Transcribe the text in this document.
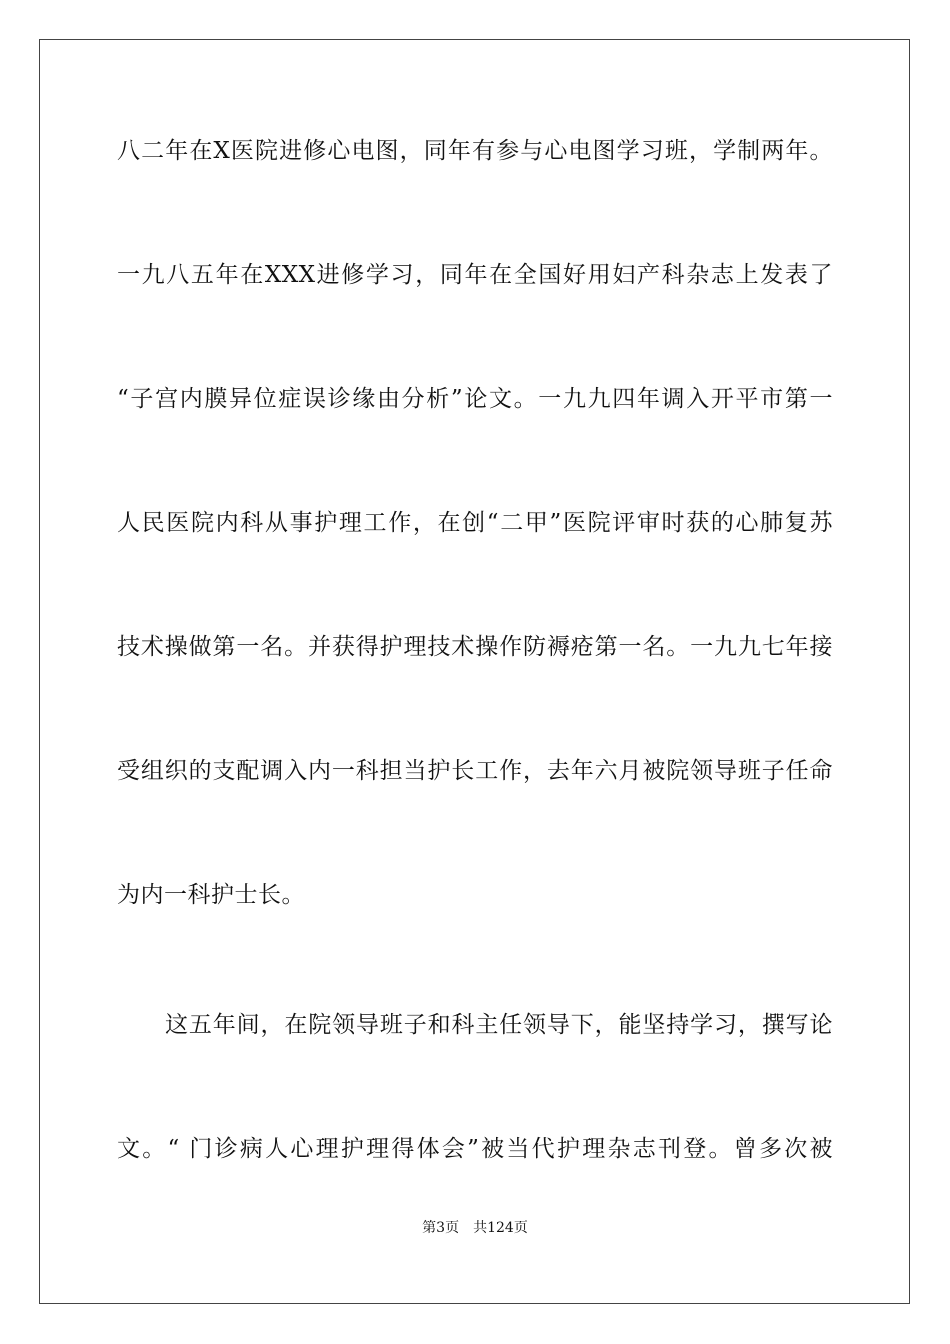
八二年在X医院进修心电图，同年有参与心电图学习班，学制两年。
一九八五年在XXX进修学习，同年在全国好用妇产科杂志上发表了
“子宫内膜异位症误诊缘由分析”论文。一九九四年调入开平市第一
人民医院内科从事护理工作，在创“二甲”医院评审时获的心肺复苏
技术操做第一名。并获得护理技术操作防褥疮第一名。一九九七年接
受组织的支配调入内一科担当护长工作，去年六月被院领导班子任命
为内一科护士长。
这五年间，在院领导班子和科主任领导下，能坚持学习，撰写论
文。“ 门诊病人心理护理得体会”被当代护理杂志刊登。曾多次被
第3页 共124页
